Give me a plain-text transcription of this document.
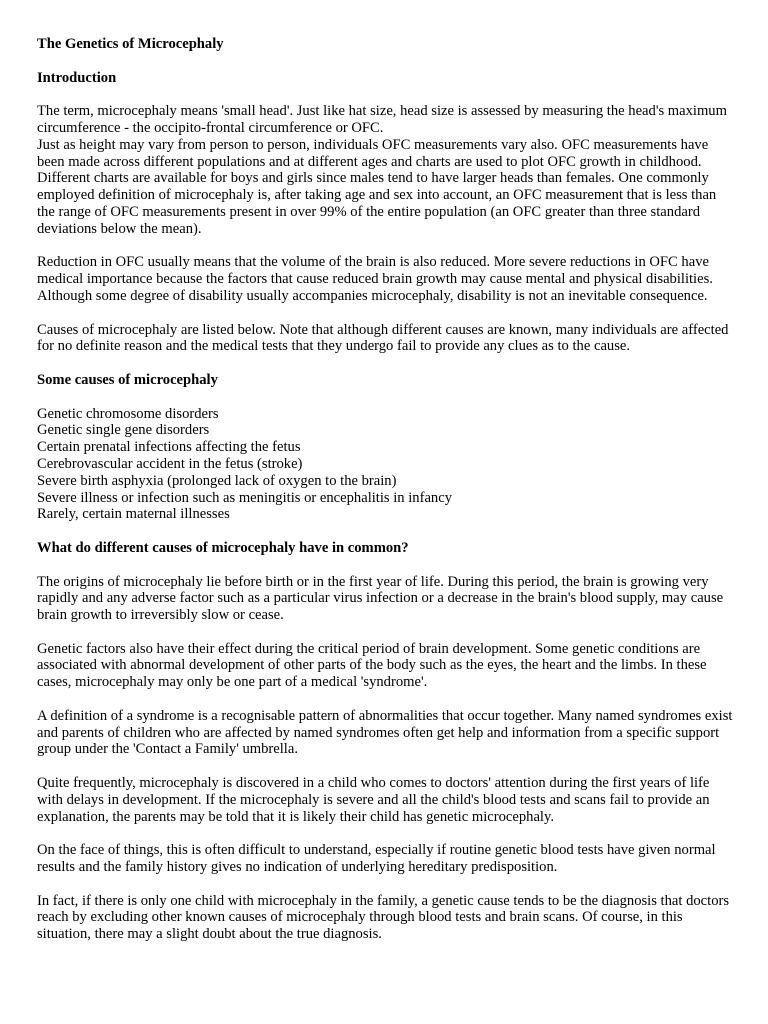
The Genetics of Microcephaly

Introduction

The term, microcephaly means 'small head'. Just like hat size, head size is assessed by measuring the head's maximum circumference - the occipito-frontal circumference or OFC.

Just as height may vary from person to person, individuals OFC measurements vary also. OFC measurements have been made across different populations and at different ages and charts are used to plot OFC growth in childhood. Different charts are available for boys and girls since males tend to have larger heads than females. One commonly employed definition of microcephaly is, after taking age and sex into account, an OFC measurement that is less than the range of OFC measurements present in over 99% of the entire population (an OFC greater than three standard deviations below the mean).

Reduction in OFC usually means that the volume of the brain is also reduced. More severe reductions in OFC have medical importance because the factors that cause reduced brain growth may cause mental and physical disabilities. Although some degree of disability usually accompanies microcephaly, disability is not an inevitable consequence.

Causes of microcephaly are listed below. Note that although different causes are known, many individuals are affected for no definite reason and the medical tests that they undergo fail to provide any clues as to the cause.

Some causes of microcephaly

Genetic chromosome disorders

Genetic single gene disorders

Certain prenatal infections affecting the fetus

Cerebrovascular accident in the fetus (stroke)

Severe birth asphyxia (prolonged lack of oxygen to the brain)

Severe illness or infection such as meningitis or encephalitis in infancy

Rarely, certain maternal illnesses

What do different causes of microcephaly have in common?

The origins of microcephaly lie before birth or in the first year of life. During this period, the brain is growing very rapidly and any adverse factor such as a particular virus infection or a decrease in the brain's blood supply, may cause brain growth to irreversibly slow or cease.

Genetic factors also have their effect during the critical period of brain development. Some genetic conditions are associated with abnormal development of other parts of the body such as the eyes, the heart and the limbs. In these cases, microcephaly may only be one part of a medical 'syndrome'.

A definition of a syndrome is a recognisable pattern of abnormalities that occur together. Many named syndromes exist and parents of children who are affected by named syndromes often get help and information from a specific support group under the 'Contact a Family' umbrella.

Quite frequently, microcephaly is discovered in a child who comes to doctors' attention during the first years of life with delays in development. If the microcephaly is severe and all the child's blood tests and scans fail to provide an explanation, the parents may be told that it is likely their child has genetic microcephaly.

On the face of things, this is often difficult to understand, especially if routine genetic blood tests have given normal results and the family history gives no indication of underlying hereditary predisposition.

In fact, if there is only one child with microcephaly in the family, a genetic cause tends to be the diagnosis that doctors reach by excluding other known causes of microcephaly through blood tests and brain scans. Of course, in this situation, there may a slight doubt about the true diagnosis.
